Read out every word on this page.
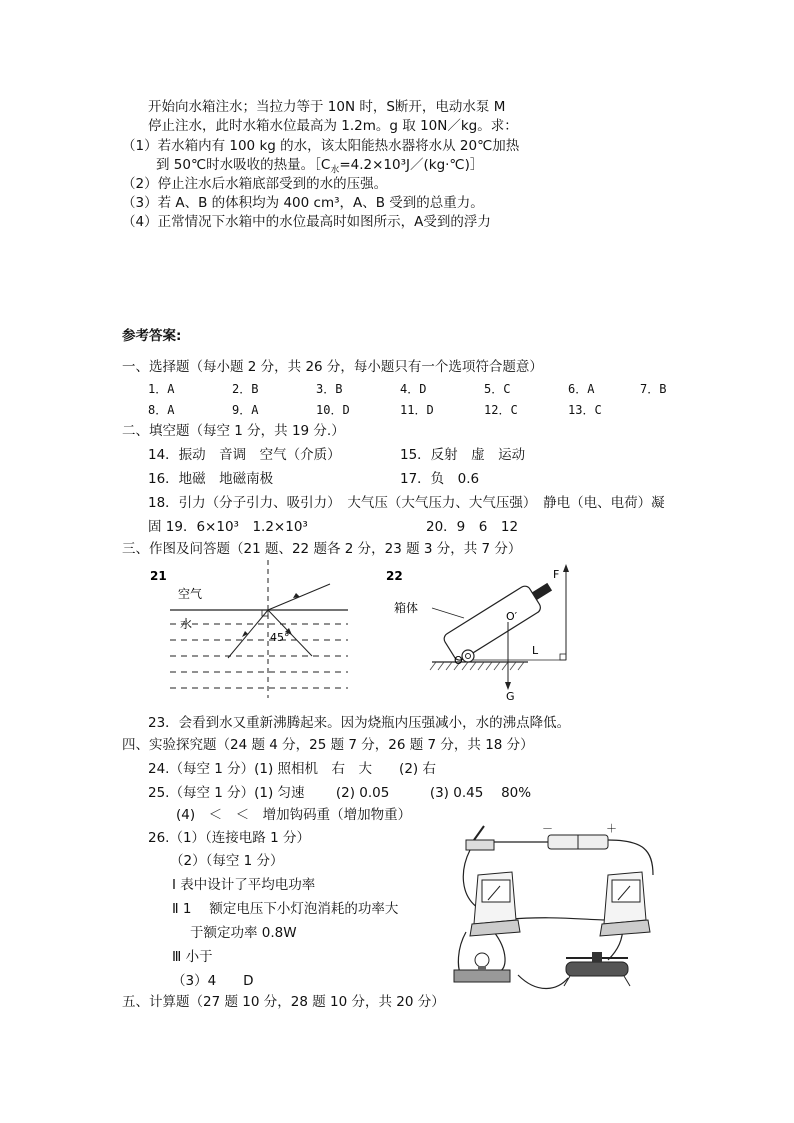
开始向水箱注水；当拉力等于 10N 时，S断开，电动水泵 M
停止注水，此时水箱水位最高为 1.2m。g 取 10N／kg。求：
（1）若水箱内有 100 kg 的水，该太阳能热水器将水从 20℃加热
到 50℃时水吸收的热量。$[C_水=4.2\times 10^3J/(kg\cdot℃)]$
（2）停止注水后水箱底部受到的水的压强。
（3）若 A、B 的体积均为 400 cm³，A、B 受到的总重力。
（4）正常情况下水箱中的水位最高时如图所示，A受到的浮力
参考答案:
一、选择题（每小题 2 分，共 26 分，每小题只有一个选项符合题意）
1．A	2．B	3．B	4．D	5．C	6．A	7．B
8．A	9．A	10．D	11．D	12．C	13．C
二、填空题（每空 1 分，共 19 分.）
14．振动　音调　空气（介质）	15．反射　虚　运动
16．地磁　地磁南极	17．负　0.6
18．引力（分子引力、吸引力）　大气压（大气压力、大气压强）　静电（电、电荷）凝
固 19．6×10³　1.2×10³	20．9　6　12
三、作图及问答题（21 题、22 题各 2 分，23 题 3 分，共 7 分）
21
空气
水
45°
22
箱体
O
G
O′
F
L
23．会看到水又重新沸腾起来。因为烧瓶内压强减小，水的沸点降低。
四、实验探究题（24 题 4 分，25 题 7 分，26 题 7 分，共 18 分）
24.（每空 1 分）(1) 照相机　右　大　　(2) 右
25.（每空 1 分）(1) 匀速　　 (2) 0.05　　　(3) 0.45　 80%
(4)　＜　＜　增加钩码重（增加物重）
26.（1）（连接电路 1 分）
（2）（每空 1 分）
Ⅰ 表中设计了平均电功率
Ⅱ 1　 额定电压下小灯泡消耗的功率大
于额定功率 0.8W
Ⅲ 小于
（3）4　　D
－	＋
五、计算题（27 题 10 分，28 题 10 分，共 20 分）
